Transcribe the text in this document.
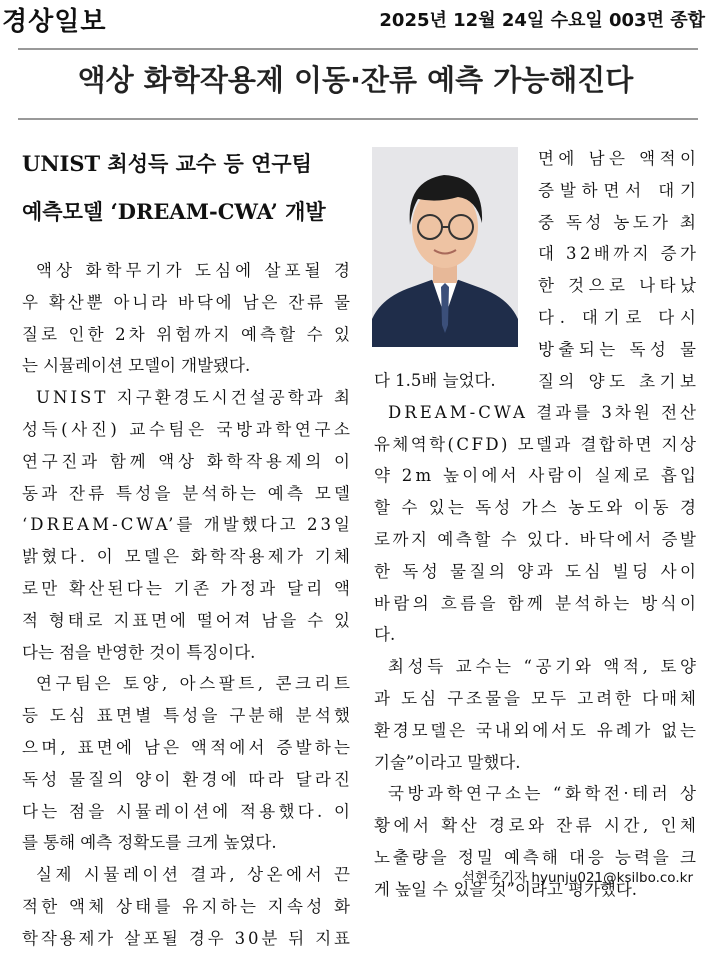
경상일보	2025년 12월 24일 수요일 003면 종합
액상 화학작용제 이동·잔류 예측 가능해진다
UNIST 최성득 교수 등 연구팀
예측모델 ‘DREAM-CWA’ 개발

액상 화학무기가 도심에 살포될 경

우 확산뿐 아니라 바닥에 남은 잔류 물

질로 인한 2차 위험까지 예측할 수 있

는 시뮬레이션 모델이 개발됐다.

UNIST 지구환경도시건설공학과 최

성득(사진) 교수팀은 국방과학연구소

연구진과 함께 액상 화학작용제의 이

동과 잔류 특성을 분석하는 예측 모델

‘DREAM-CWA’를 개발했다고 23일

밝혔다. 이 모델은 화학작용제가 기체

로만 확산된다는 기존 가정과 달리 액

적 형태로 지표면에 떨어져 남을 수 있

다는 점을 반영한 것이 특징이다.

연구팀은 토양, 아스팔트, 콘크리트

등 도심 표면별 특성을 구분해 분석했

으며, 표면에 남은 액적에서 증발하는

독성 물질의 양이 환경에 따라 달라진

다는 점을 시뮬레이션에 적용했다. 이

를 통해 예측 정확도를 크게 높였다.

실제 시뮬레이션 결과, 상온에서 끈

적한 액체 상태를 유지하는 지속성 화

학작용제가 살포될 경우 30분 뒤 지표

면에 남은 액적이

증발하면서 대기

중 독성 농도가 최

대 32배까지 증가

한 것으로 나타났

다. 대기로 다시

방출되는 독성 물

질의 양도 초기보

다 1.5배 늘었다.

DREAM-CWA 결과를 3차원 전산

유체역학(CFD) 모델과 결합하면 지상

약 2m 높이에서 사람이 실제로 흡입

할 수 있는 독성 가스 농도와 이동 경

로까지 예측할 수 있다. 바닥에서 증발

한 독성 물질의 양과 도심 빌딩 사이

바람의 흐름을 함께 분석하는 방식이

다.

최성득 교수는 “공기와 액적, 토양

과 도심 구조물을 모두 고려한 다매체

환경모델은 국내외에서도 유례가 없는

기술”이라고 말했다.

국방과학연구소는 “화학전·테러 상

황에서 확산 경로와 잔류 시간, 인체

노출량을 정밀 예측해 대응 능력을 크

게 높일 수 있을 것”이라고 평가했다.

석현주기자 hyunju021@ksilbo.co.kr
